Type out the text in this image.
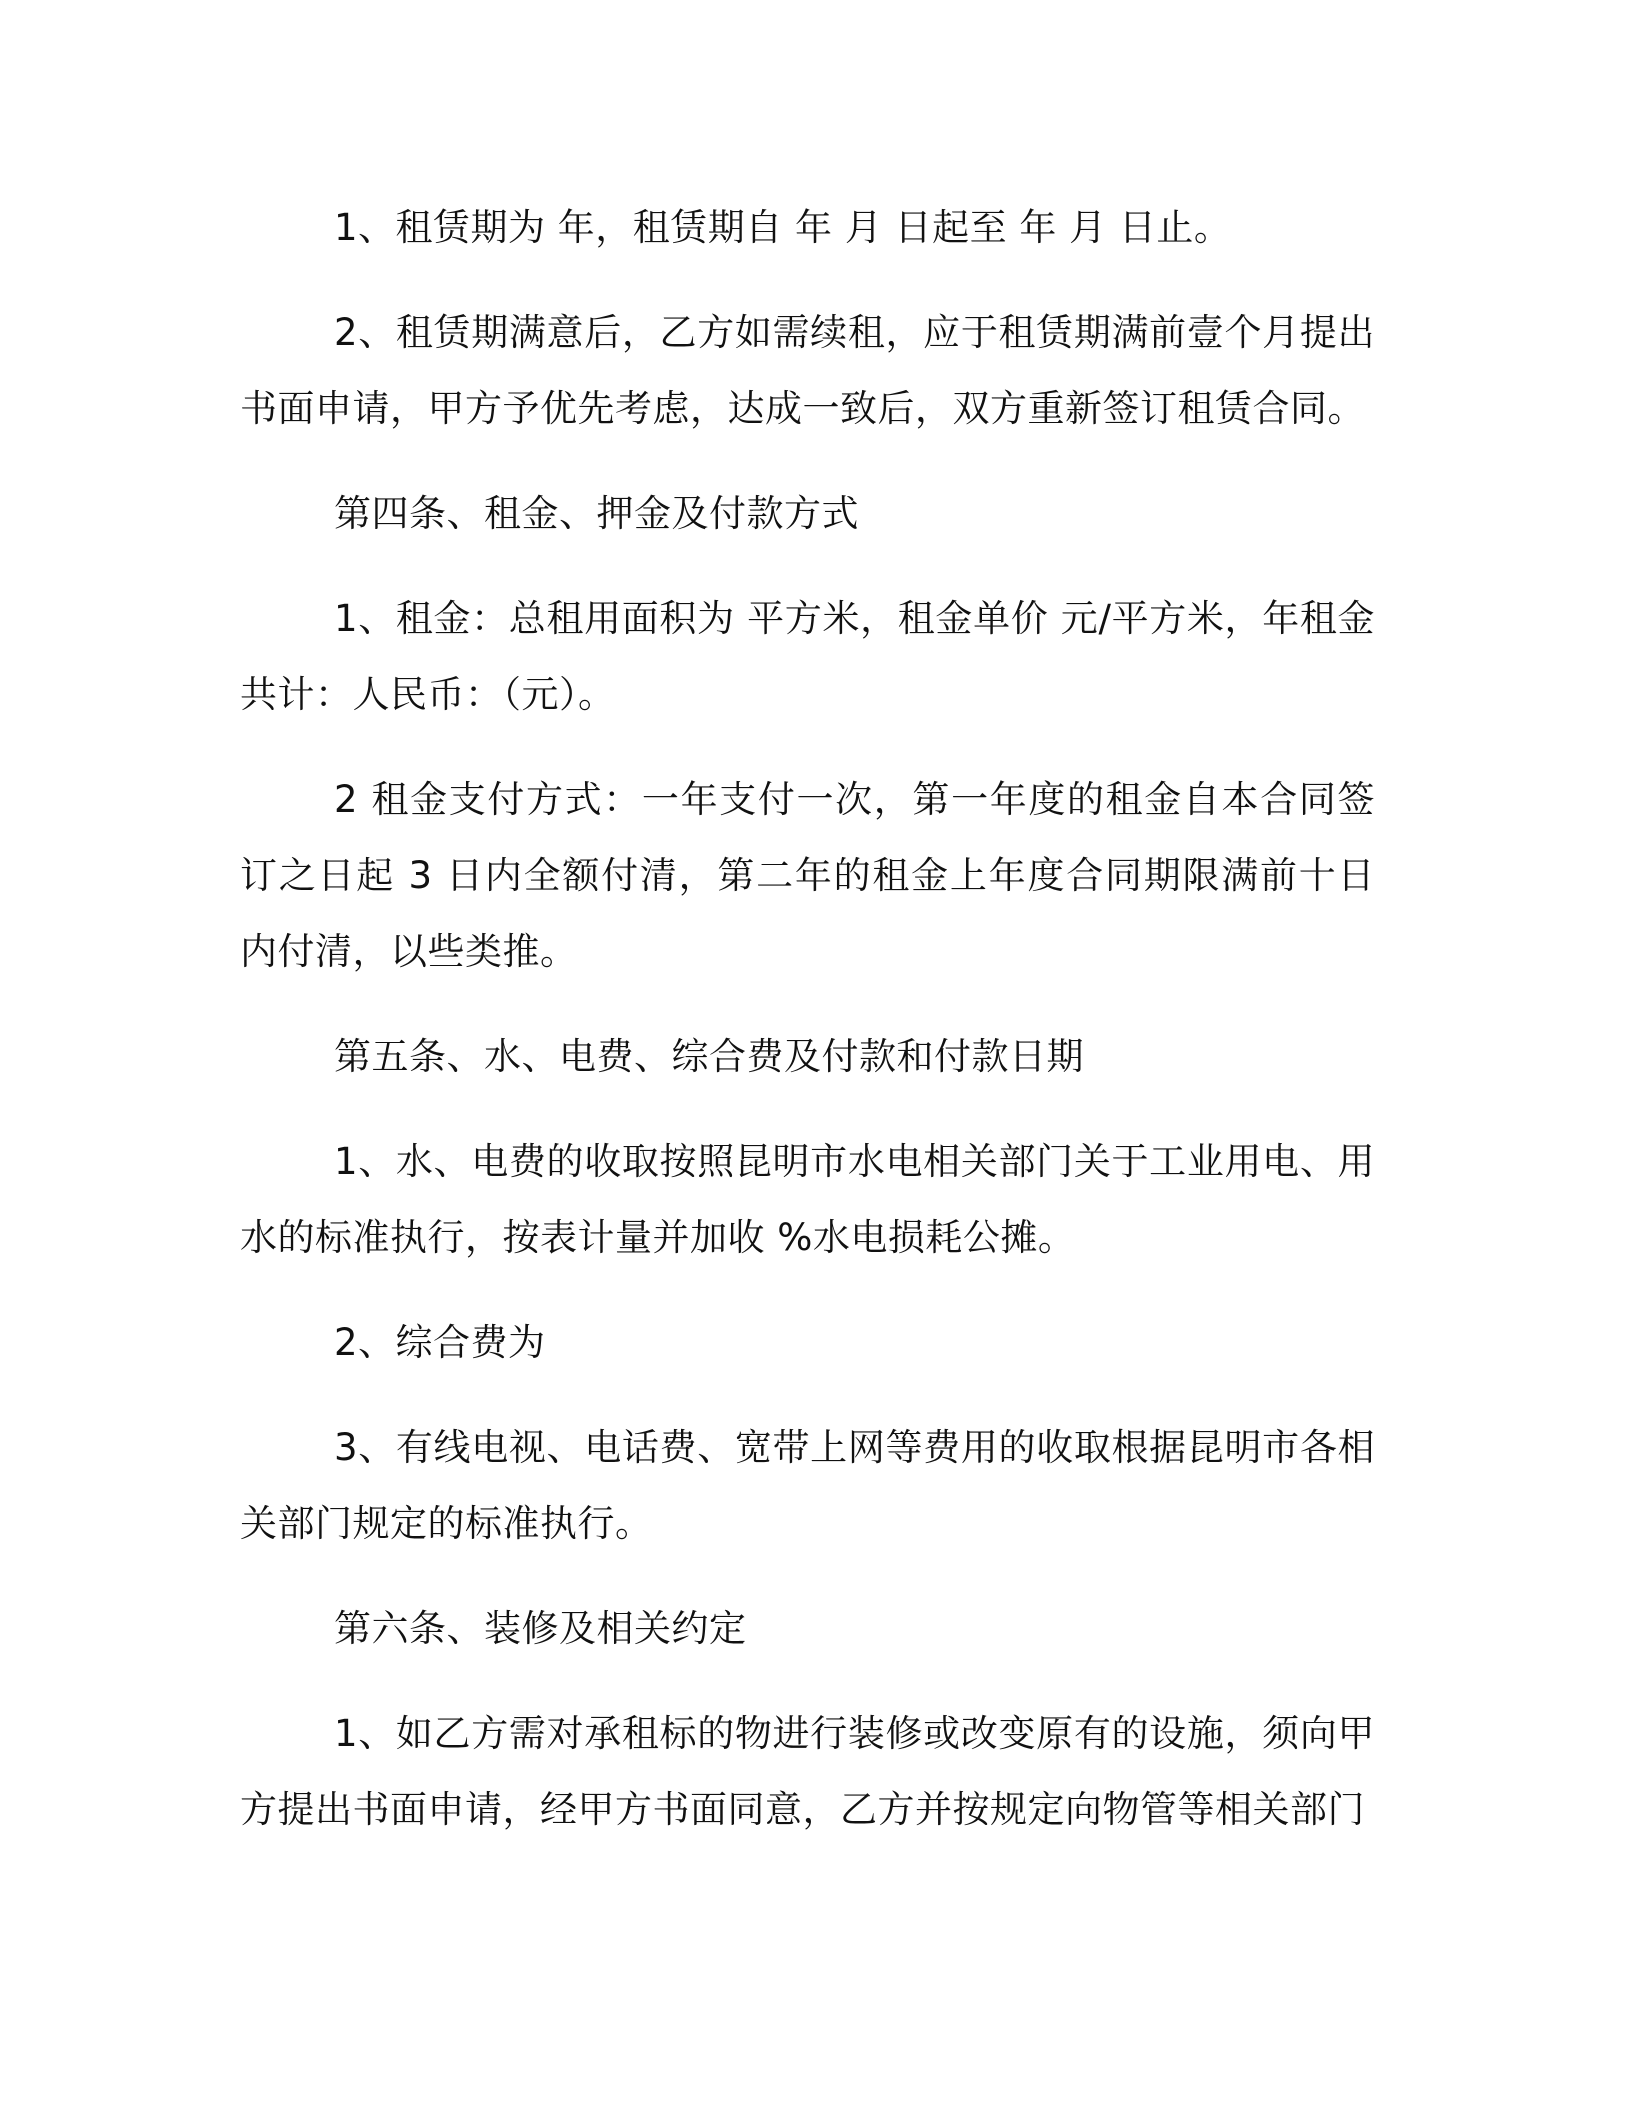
1、租赁期为 年，租赁期自 年 月 日起至 年 月 日止。

2、租赁期满意后，乙方如需续租，应于租赁期满前壹个月提出书面申请，甲方予优先考虑，达成一致后，双方重新签订租赁合同。

第四条、租金、押金及付款方式

1、租金：总租用面积为 平方米，租金单价 元/平方米，年租金共计：人民币：（元）。

2 租金支付方式：一年支付一次，第一年度的租金自本合同签订之日起 3 日内全额付清，第二年的租金上年度合同期限满前十日内付清，以些类推。

第五条、水、电费、综合费及付款和付款日期

1、水、电费的收取按照昆明市水电相关部门关于工业用电、用水的标准执行，按表计量并加收 %水电损耗公摊。

2、综合费为

3、有线电视、电话费、宽带上网等费用的收取根据昆明市各相关部门规定的标准执行。

第六条、装修及相关约定

1、如乙方需对承租标的物进行装修或改变原有的设施，须向甲方提出书面申请，经甲方书面同意，乙方并按规定向物管等相关部门
